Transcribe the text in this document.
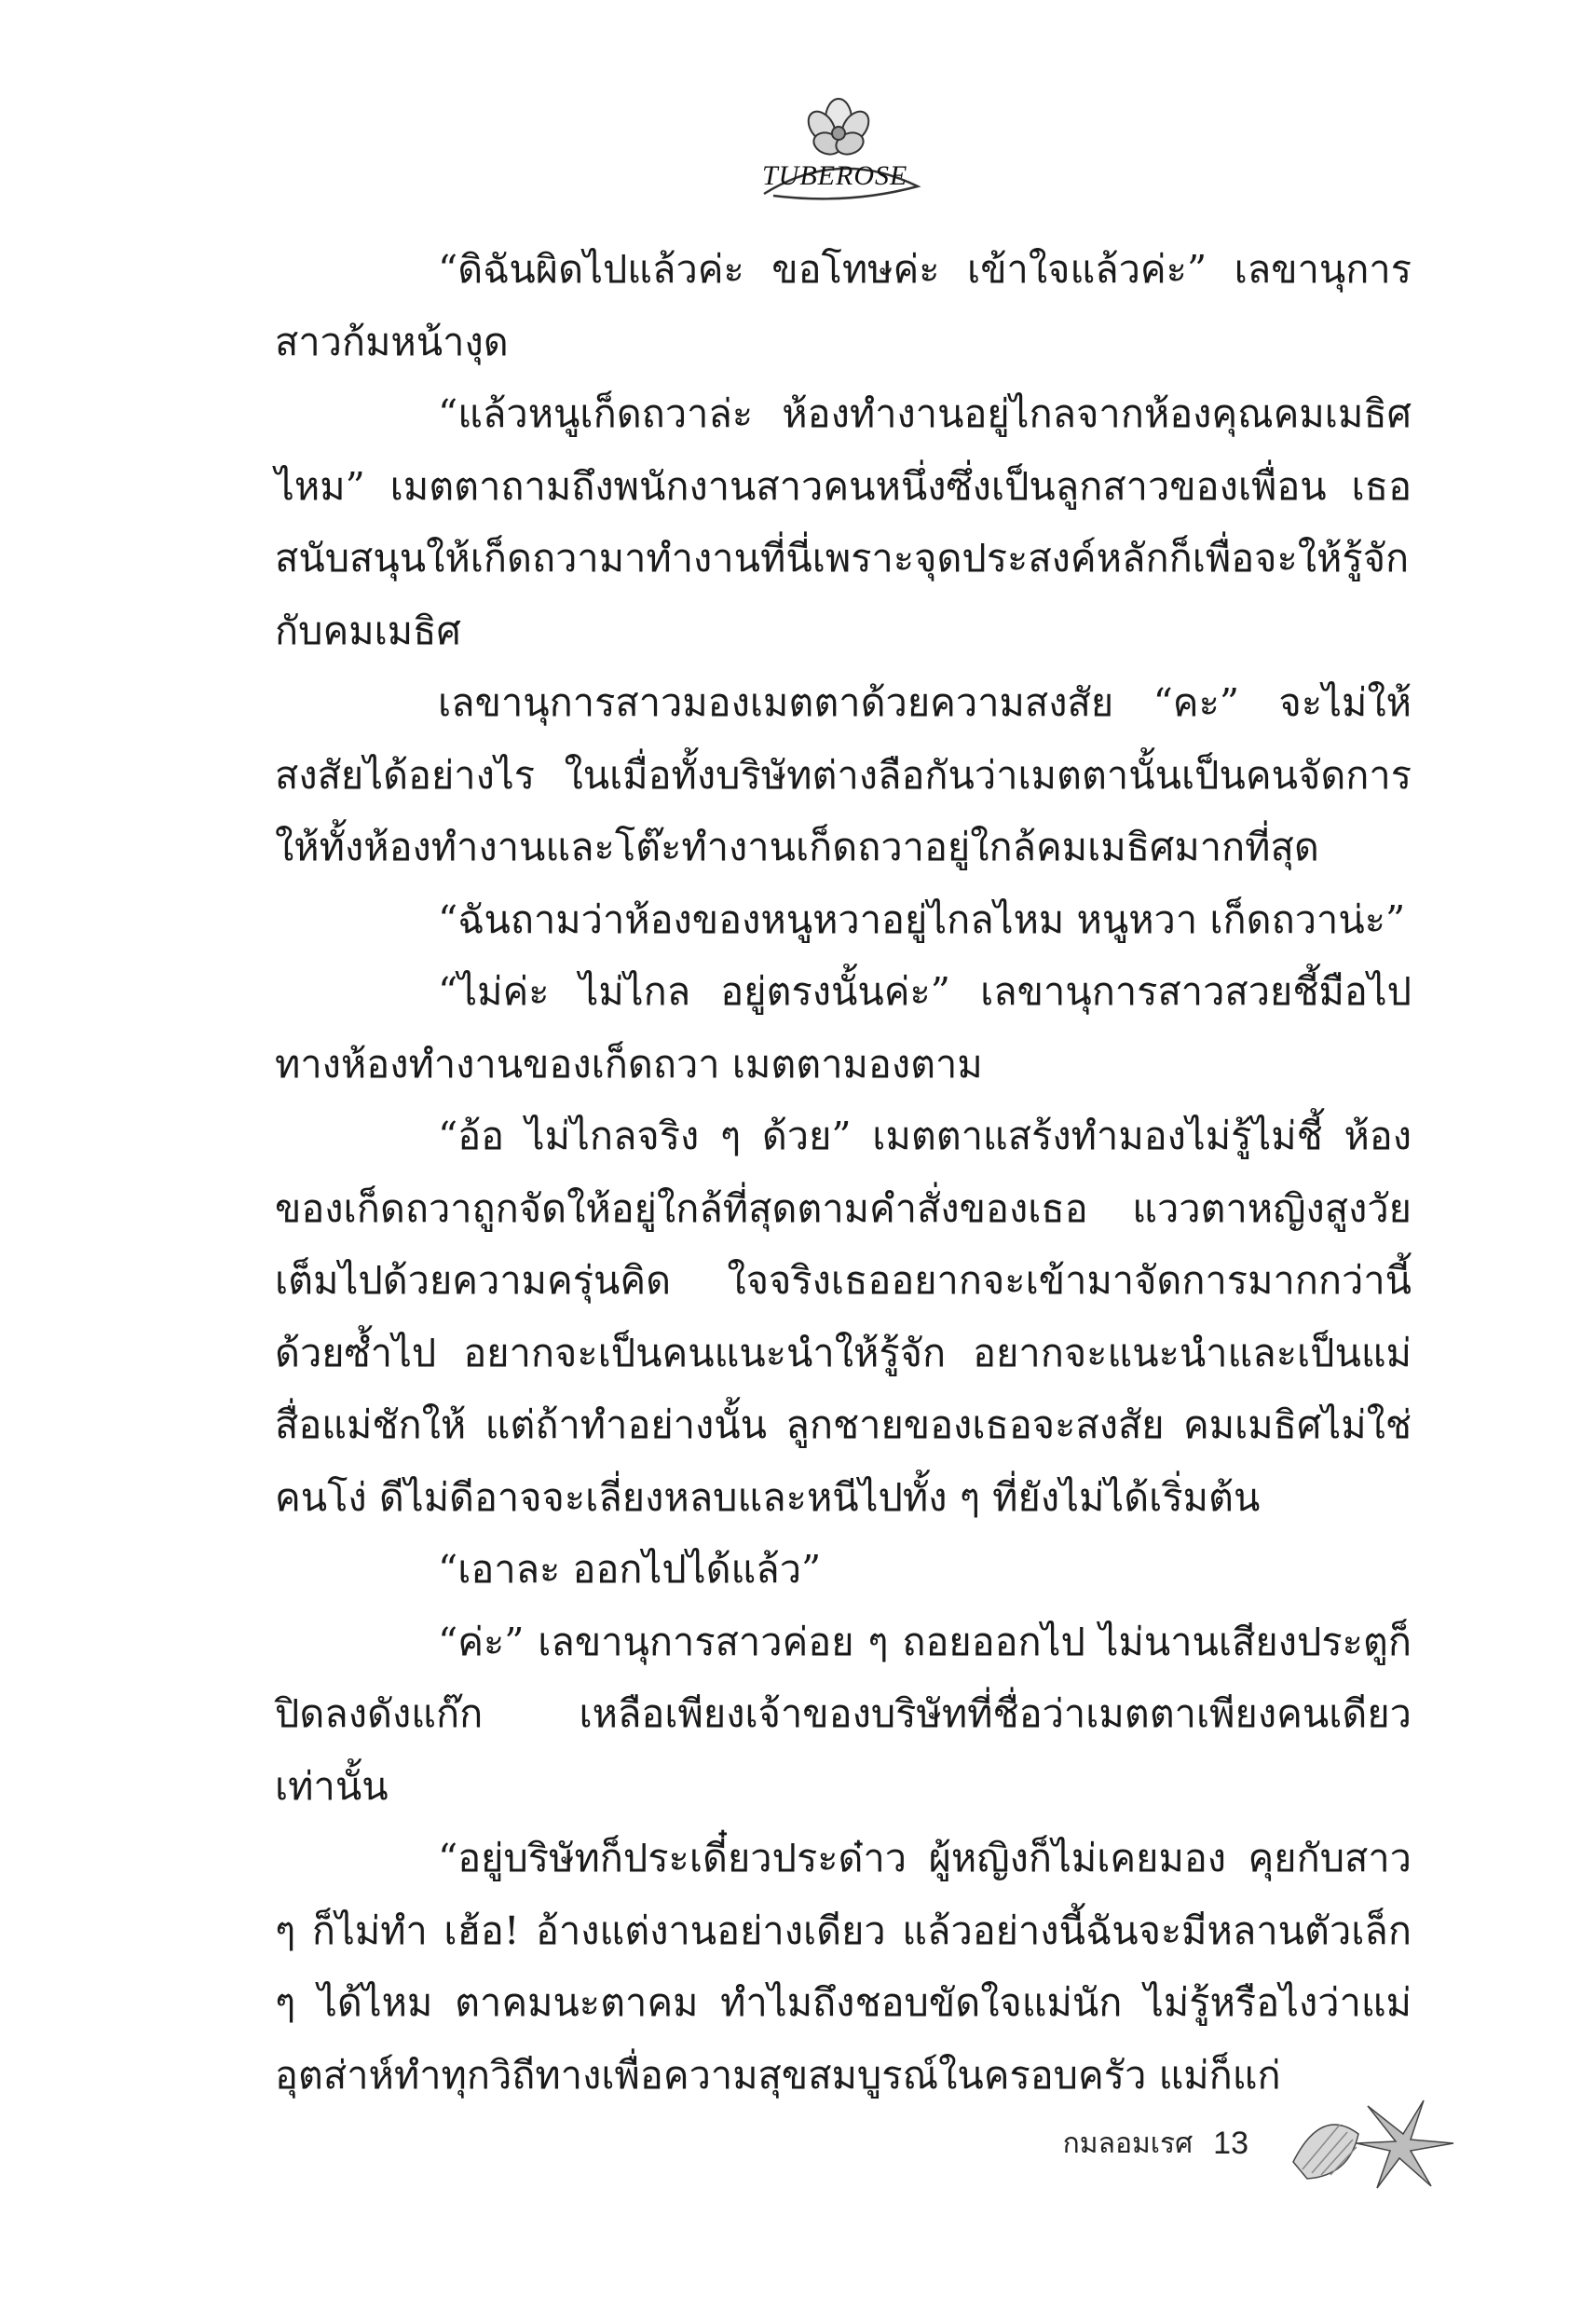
TUBEROSE

“ดิฉันผิดไปแล้วค่ะ ขอโทษค่ะ เข้าใจแล้วค่ะ” เลขานุการสาวก้มหน้างุด

“แล้วหนูเก็ดถวาล่ะ ห้องทำงานอยู่ไกลจากห้องคุณคมเมธิศไหม” เมตตาถามถึงพนักงานสาวคนหนึ่งซึ่งเป็นลูกสาวของเพื่อน เธอสนับสนุนให้เก็ดถวามาทำงานที่นี่เพราะจุดประสงค์หลักก็เพื่อจะให้รู้จักกับคมเมธิศ

เลขานุการสาวมองเมตตาด้วยความสงสัย “คะ” จะไม่ให้สงสัยได้อย่างไร ในเมื่อทั้งบริษัทต่างลือกันว่าเมตตานั้นเป็นคนจัดการให้ทั้งห้องทำงานและโต๊ะทำงานเก็ดถวาอยู่ใกล้คมเมธิศมากที่สุด

“ฉันถามว่าห้องของหนูหวาอยู่ไกลไหม หนูหวา เก็ดถวาน่ะ”

“ไม่ค่ะ ไม่ไกล อยู่ตรงนั้นค่ะ” เลขานุการสาวสวยชี้มือไปทางห้องทำงานของเก็ดถวา เมตตามองตาม

“อ้อ ไม่ไกลจริง ๆ ด้วย” เมตตาแสร้งทำมองไม่รู้ไม่ชี้ ห้องของเก็ดถวาถูกจัดให้อยู่ใกล้ที่สุดตามคำสั่งของเธอ แววตาหญิงสูงวัยเต็มไปด้วยความครุ่นคิด ใจจริงเธออยากจะเข้ามาจัดการมากกว่านี้ด้วยซ้ำไป อยากจะเป็นคนแนะนำให้รู้จัก อยากจะแนะนำและเป็นแม่สื่อแม่ชักให้ แต่ถ้าทำอย่างนั้น ลูกชายของเธอจะสงสัย คมเมธิศไม่ใช่คนโง่ ดีไม่ดีอาจจะเลี่ยงหลบและหนีไปทั้ง ๆ ที่ยังไม่ได้เริ่มต้น

“เอาละ ออกไปได้แล้ว”

“ค่ะ” เลขานุการสาวค่อย ๆ ถอยออกไป ไม่นานเสียงประตูก็ปิดลงดังแก๊ก เหลือเพียงเจ้าของบริษัทที่ชื่อว่าเมตตาเพียงคนเดียวเท่านั้น

“อยู่บริษัทก็ประเดี๋ยวประด๋าว ผู้หญิงก็ไม่เคยมอง คุยกับสาว ๆ ก็ไม่ทำ เฮ้อ! อ้างแต่งานอย่างเดียว แล้วอย่างนี้ฉันจะมีหลานตัวเล็ก ๆ ได้ไหม ตาคมนะตาคม ทำไมถึงชอบขัดใจแม่นัก ไม่รู้หรือไงว่าแม่อุตส่าห์ทำทุกวิถีทางเพื่อความสุขสมบูรณ์ในครอบครัว แม่ก็แก่

กมลอมเรศ 13
